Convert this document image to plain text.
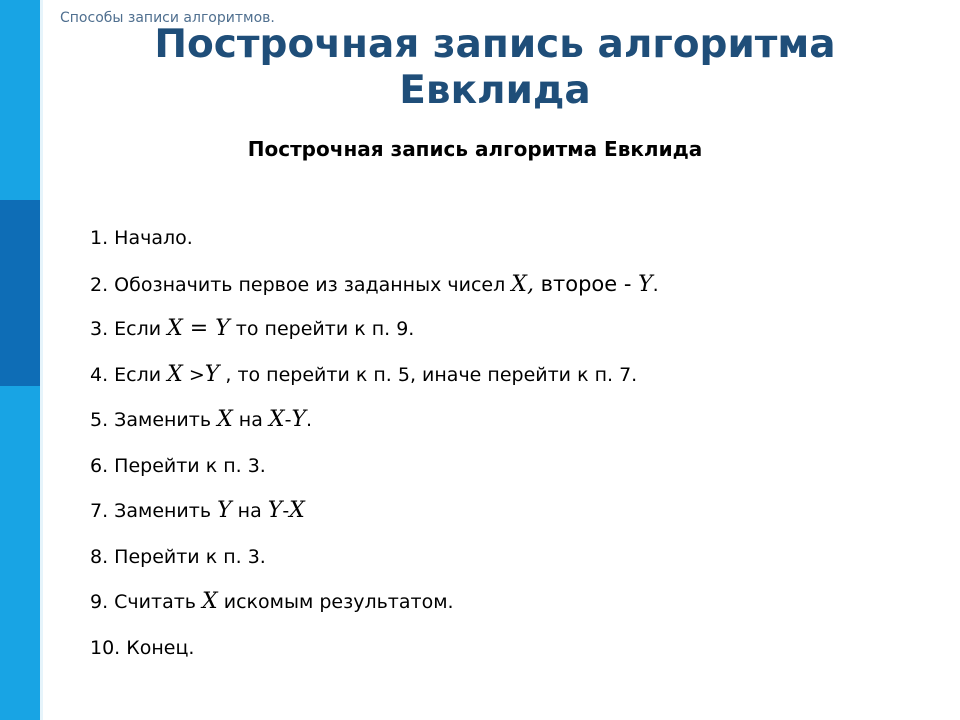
Способы записи алгоритмов.
Построчная запись алгоритма Евклида
Построчная запись алгоритма Евклида
1. Начало.
2. Обозначить первое из заданных чисел X, второе - Y.
3. Если X = Y то перейти к п. 9.
4. Если X >Y , то перейти к п. 5, иначе перейти к п. 7.
5. Заменить X на X-Y.
6. Перейти к п. 3.
7. Заменить Y на Y-X
8. Перейти к п. 3.
9. Считать X искомым результатом.
10. Конец.
